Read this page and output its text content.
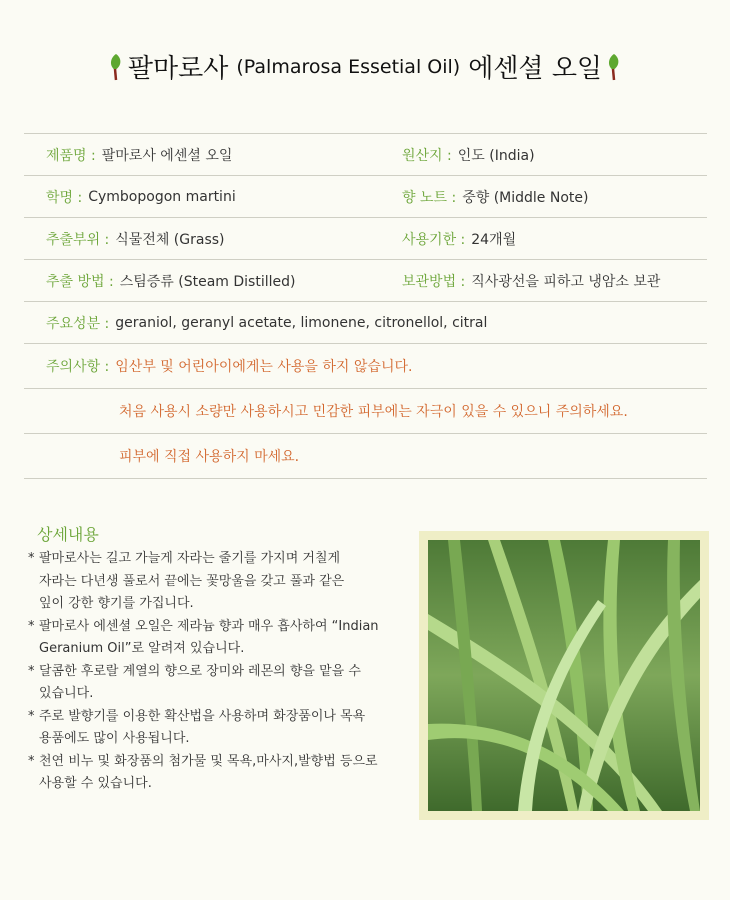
팔마로사 (Palmarosa Essetial Oil) 에센셜 오일
제품명 : 팔마로사 에센셜 오일	원산지 : 인도 (India)
학명 : Cymbopogon martini	향 노트 : 중향 (Middle Note)
추출부위 : 식물전체 (Grass)	사용기한 : 24개월
추출 방법 : 스팀증류 (Steam Distilled)	보관방법 : 직사광선을 피하고 냉암소 보관
주요성분 : geraniol, geranyl acetate, limonene, citronellol, citral
주의사항 : 임산부 및 어린아이에게는 사용을 하지 않습니다.
처음 사용시 소량만 사용하시고 민감한 피부에는 자극이 있을 수 있으니 주의하세요.
피부에 직접 사용하지 마세요.
상세내용
* 팔마로사는 길고 가늘게 자라는 줄기를 가지며 거칠게
자라는 다년생 풀로서 끝에는 꽃망울을 갖고 풀과 같은
잎이 강한 향기를 가집니다.
* 팔마로사 에센셜 오일은 제라늄 향과 매우 흡사하여 “Indian
Geranium Oil”로 알려져 있습니다.
* 달콤한 후로랄 계열의 향으로 장미와 레몬의 향을 맡을 수
있습니다.
* 주로 발향기를 이용한 확산법을 사용하며 화장품이나 목욕
용품에도 많이 사용됩니다.
* 천연 비누 및 화장품의 첨가물 및 목욕,마사지,발향법 등으로
사용할 수 있습니다.
